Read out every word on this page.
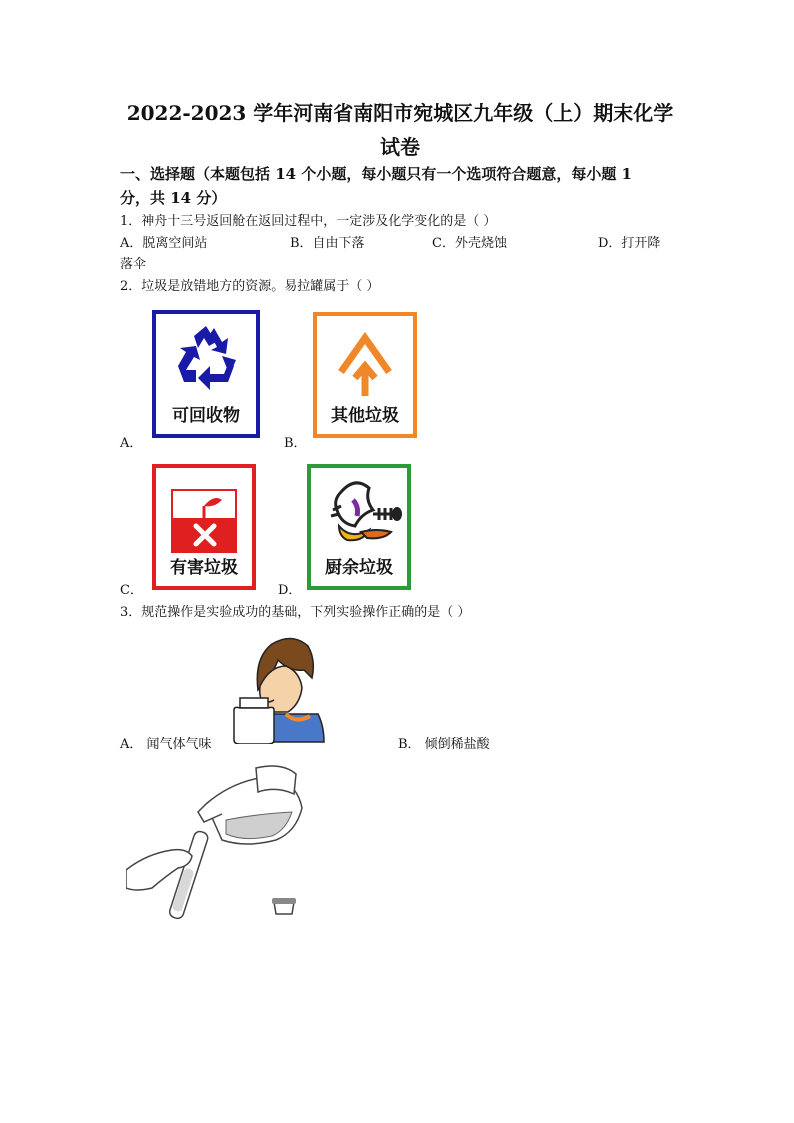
2022-2023 学年河南省南阳市宛城区九年级（上）期末化学
试卷
一、选择题（本题包括 14 个小题，每小题只有一个选项符合题意，每小题 1
分，共 14 分）
1．神舟十三号返回舱在返回过程中，一定涉及化学变化的是（ ）
A．脱离空间站	B．自由下落	C．外壳烧蚀	D．打开降
落伞
2．垃圾是放错地方的资源。易拉罐属于（ ）
可回收物
A．
其他垃圾
B．
有害垃圾
C．
厨余垃圾
D．
3．规范操作是实验成功的基础，下列实验操作正确的是（ ）
A． 闻气体气味	B． 倾倒稀盐酸
